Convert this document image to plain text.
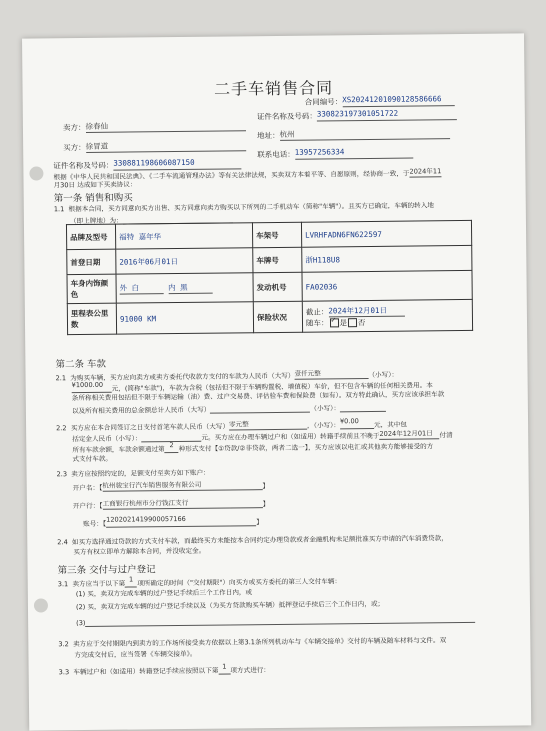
二手车销售合同
合同编号：XS20241201090128586666
卖方：徐春仙
证件名称及号码：330823197301051722
买方：徐冒道
地址：杭州
证件名称及号码：330881198606087150
联系电话：13957256334
根据《中华人民共和国民法典》、《二手车流通管理办法》等有关法律法规，买卖双方本着平等、自愿原则，经协商一致，于2024年11
月30日 达成如下买卖协议：
第一条 销售和购买
1.1 根据本合同，买方同意向买方出售、买方同意向卖方购买以下所列的二手机动车（简称"车辆"）。且买方已确定，车辆的转入地
（即上牌地）为：
品牌及型号	福特 嘉年华	车架号	LVRHFADN6FN622597
首登日期	2016年06月01日	车牌号	浙H118U8
车身内饰颜色	外 白 内 黑	发动机号	FA02036
里程表公里数	91000 KM	保险状况	截止：2024年12月01日
随车： ✓ 是 否
第二条 车款
2.1 为购买车辆，买方应向卖方或卖方委托代收款方支付的车款为人民币（大写）壹仟元整	（小写）：
¥1000.00 元，(简称"车款")，车款为含税（包括但不限于车辆购置税、增值税）车价，但不包含车辆的任何相关费用。本
条所称相关费用包括但不限于车辆运输（油）费、过户交易费、评估验车费和保险费（如有）。双方特此确认，买方应该承担车款
以及所有相关费用的总金额总计人民币（大写）	（小写）：
2.2 买方应在本合同签订之日支付首笔车款人民币（大写）零元整	，（小写）：¥0.00 元，其中包
括定金人民币（小写）：	元。买方应在办理车辆过户和（如适用）转籍手续前且不晚于2024年12月01日 付清
所有车款余额，车款余额通过第2 种形式支付【①贷款/②非贷款，两者二选一】，买方应该以电汇或其他卖方能够接受的方
式支付车款。
2.3 卖方应按照约定的，足额支付至卖方如下账户：
开户名：【杭州骏宝行汽车销售服务有限公司	】
开户行：【工商银行杭州市分行钱江支行	】
账号：【1202021419900057166	】
2.4 如买方选择通过贷款的方式支付车款，而最终买方未能按本合同约定办理贷款或者金融机构未足额批准买方申请的汽车消费贷款，
买方有权立即单方解除本合同，并没收定金。
第三条 交付与过户登记
3.1 卖方应当于以下第1 项所确定的时间（"交付期限"）向买方或买方委托的第三人交付车辆：
(1) 买，卖双方完成车辆的过户登记手续后三个工作日内，或
(2) 买，卖双方完成车辆的过户登记手续以及（为买方贷款购买车辆）抵押登记手续后三个工作日内，或；
(3)
3.2 卖方应于交付期限内到卖方的工作场所接受卖方依据以上第3.1条所列机动车与《车辆交接单》交付的车辆及随车材料与文件。双
方完成交付后，应当签署《车辆交接单》。
3.3 车辆过户和（如适用）转籍登记手续应按照以下第1 项方式进行：
